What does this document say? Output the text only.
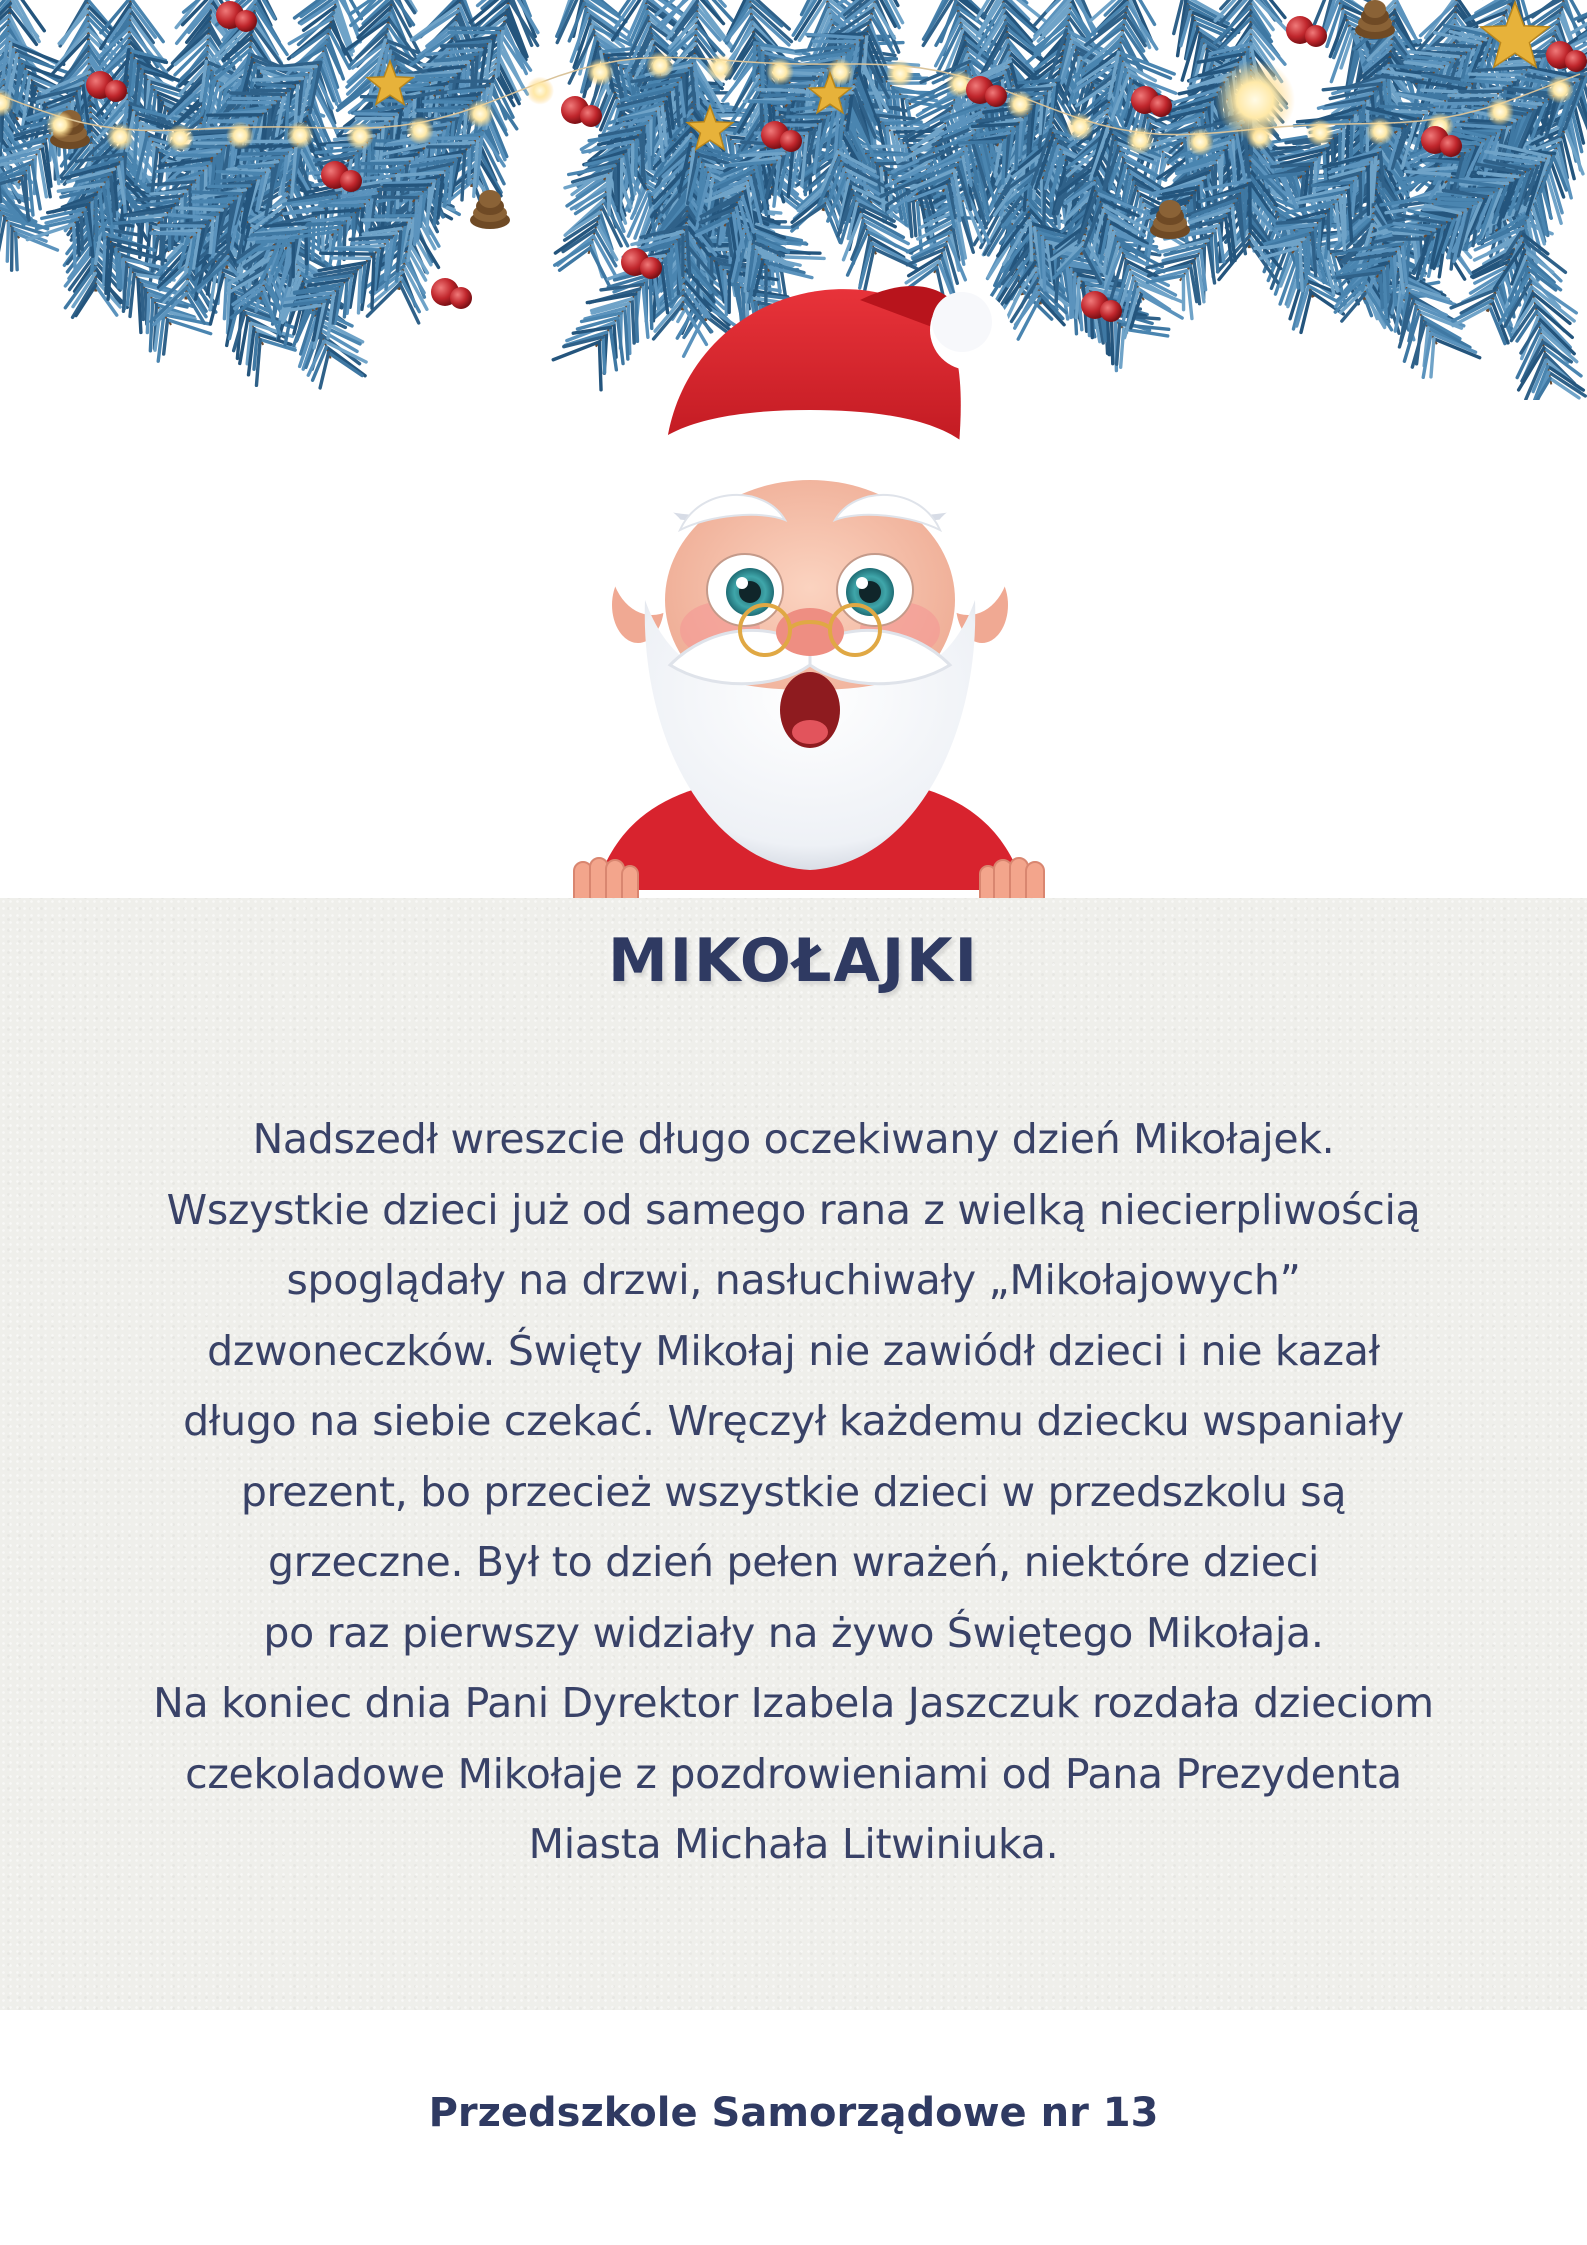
MIKOŁAJKI
Nadszedł wreszcie długo oczekiwany dzień Mikołajek.
Wszystkie dzieci już od samego rana z wielką niecierpliwością
spoglądały na drzwi, nasłuchiwały „Mikołajowych”
dzwoneczków. Święty Mikołaj nie zawiódł dzieci i nie kazał
długo na siebie czekać. Wręczył każdemu dziecku wspaniały
prezent, bo przecież wszystkie dzieci w przedszkolu są
grzeczne. Był to dzień pełen wrażeń, niektóre dzieci
po raz pierwszy widziały na żywo Świętego Mikołaja.
Na koniec dnia Pani Dyrektor Izabela Jaszczuk rozdała dzieciom
czekoladowe Mikołaje z pozdrowieniami od Pana Prezydenta
Miasta Michała Litwiniuka.
Przedszkole Samorządowe nr 13
